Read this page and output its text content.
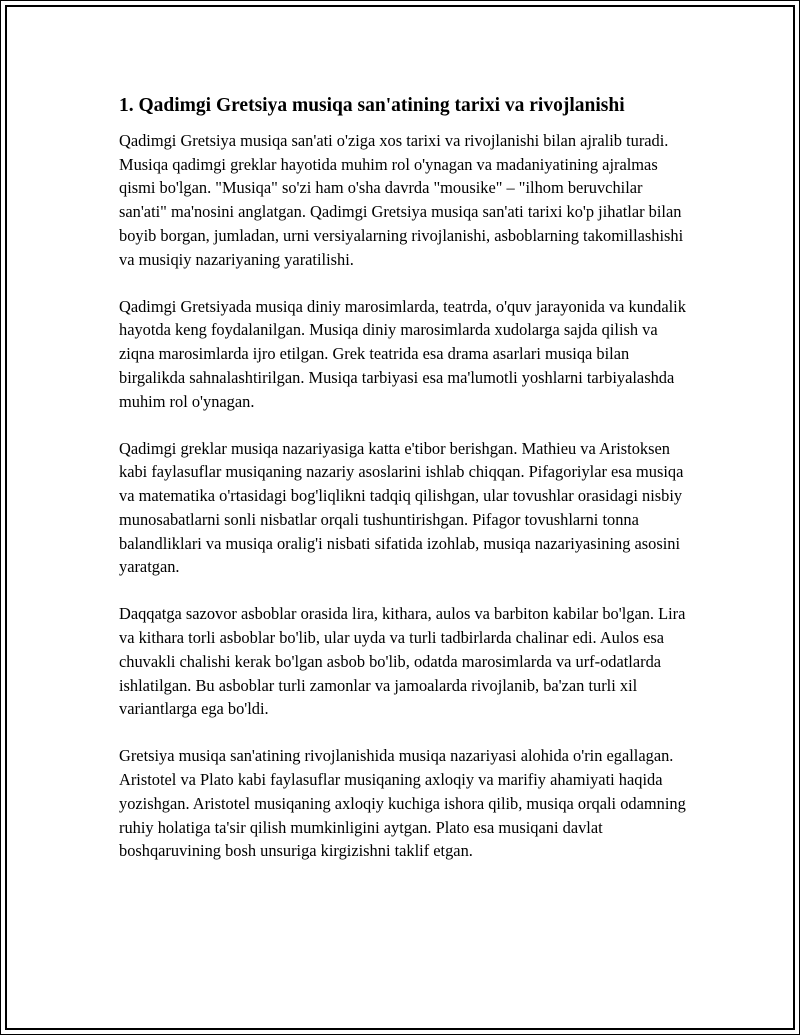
1. Qadimgi Gretsiya musiqa san'atining tarixi va rivojlanishi

Qadimgi Gretsiya musiqa san'ati o'ziga xos tarixi va rivojlanishi bilan ajralib turadi. Musiqa qadimgi greklar hayotida muhim rol o'ynagan va madaniyatining ajralmas qismi bo'lgan. "Musiqa" so'zi ham o'sha davrda "mousike" – "ilhom beruvchilar san'ati" ma'nosini anglatgan. Qadimgi Gretsiya musiqa san'ati tarixi ko'p jihatlar bilan boyib borgan, jumladan, urni versiyalarning rivojlanishi, asboblarning takomillashishi va musiqiy nazariyaning yaratilishi.

Qadimgi Gretsiyada musiqa diniy marosimlarda, teatrda, o'quv jarayonida va kundalik hayotda keng foydalanilgan. Musiqa diniy marosimlarda xudolarga sajda qilish va ziqna marosimlarda ijro etilgan. Grek teatrida esa drama asarlari musiqa bilan birgalikda sahnalashtirilgan. Musiqa tarbiyasi esa ma'lumotli yoshlarni tarbiyalashda muhim rol o'ynagan.

Qadimgi greklar musiqa nazariyasiga katta e'tibor berishgan. Mathieu va Aristoksen kabi faylasuflar musiqaning nazariy asoslarini ishlab chiqqan. Pifagoriylar esa musiqa va matematika o'rtasidagi bog'liqlikni tadqiq qilishgan, ular tovushlar orasidagi nisbiy munosabatlarni sonli nisbatlar orqali tushuntirishgan. Pifagor tovushlarni tonna balandliklari va musiqa oralig'i nisbati sifatida izohlab, musiqa nazariyasining asosini yaratgan.

Daqqatga sazovor asboblar orasida lira, kithara, aulos va barbiton kabilar bo'lgan. Lira va kithara torli asboblar bo'lib, ular uyda va turli tadbirlarda chalinar edi. Aulos esa chuvakli chalishi kerak bo'lgan asbob bo'lib, odatda marosimlarda va urf-odatlarda ishlatilgan. Bu asboblar turli zamonlar va jamoalarda rivojlanib, ba'zan turli xil variantlarga ega bo'ldi.

Gretsiya musiqa san'atining rivojlanishida musiqa nazariyasi alohida o'rin egallagan. Aristotel va Plato kabi faylasuflar musiqaning axloqiy va marifiy ahamiyati haqida yozishgan. Aristotel musiqaning axloqiy kuchiga ishora qilib, musiqa orqali odamning ruhiy holatiga ta'sir qilish mumkinligini aytgan. Plato esa musiqani davlat boshqaruvining bosh unsuriga kirgizishni taklif etgan.
